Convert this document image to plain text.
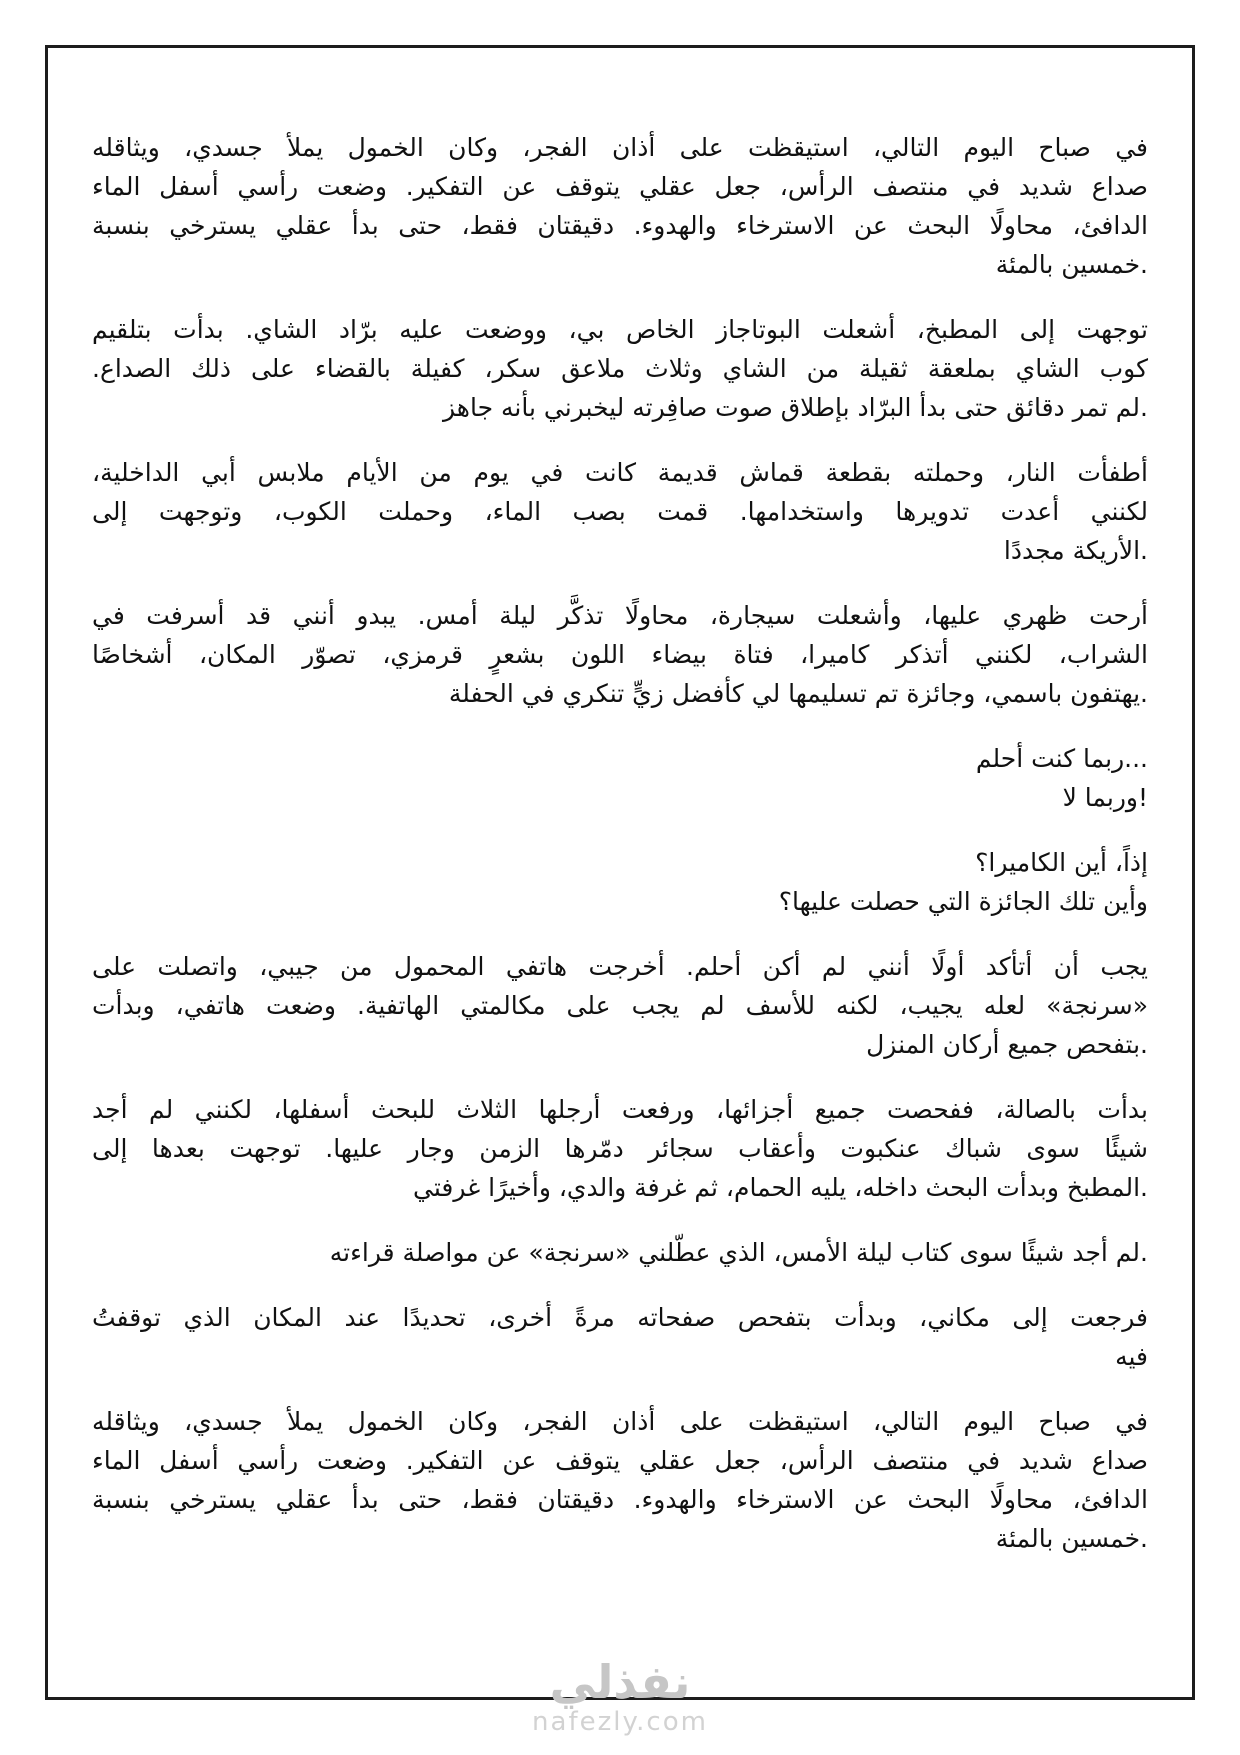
في صباح اليوم التالي، استيقظت على أذان الفجر، وكان الخمول يملأ جسدي، ويثاقله
صداع شديد في منتصف الرأس، جعل عقلي يتوقف عن التفكير. وضعت رأسي أسفل الماء
الدافئ، محاولًا البحث عن الاسترخاء والهدوء. دقيقتان فقط، حتى بدأ عقلي يسترخي بنسبة
.خمسين بالمئة
توجهت إلى المطبخ، أشعلت البوتاجاز الخاص بي، ووضعت عليه برّاد الشاي. بدأت بتلقيم
كوب الشاي بملعقة ثقيلة من الشاي وثلاث ملاعق سكر، كفيلة بالقضاء على ذلك الصداع.
.لم تمر دقائق حتى بدأ البرّاد بإطلاق صوت صافِرته ليخبرني بأنه جاهز
أطفأت النار، وحملته بقطعة قماش قديمة كانت في يوم من الأيام ملابس أبي الداخلية،
لكنني أعدت تدويرها واستخدامها. قمت بصب الماء، وحملت الكوب، وتوجهت إلى
.الأريكة مجددًا
أرحت ظهري عليها، وأشعلت سيجارة، محاولًا تذكَّر ليلة أمس. يبدو أنني قد أسرفت في
الشراب، لكنني أتذكر كاميرا، فتاة بيضاء اللون بشعرٍ قرمزي، تصوّر المكان، أشخاصًا
.يهتفون باسمي، وجائزة تم تسليمها لي كأفضل زيٍّ تنكري في الحفلة
...ربما كنت أحلم
!وربما لا
إذاً، أين الكاميرا؟
وأين تلك الجائزة التي حصلت عليها؟
يجب أن أتأكد أولًا أنني لم أكن أحلم. أخرجت هاتفي المحمول من جيبي، واتصلت على
«سرنجة» لعله يجيب، لكنه للأسف لم يجب على مكالمتي الهاتفية. وضعت هاتفي، وبدأت
.بتفحص جميع أركان المنزل
بدأت بالصالة، ففحصت جميع أجزائها، ورفعت أرجلها الثلاث للبحث أسفلها، لكنني لم أجد
شيئًا سوى شباك عنكبوت وأعقاب سجائر دمّرها الزمن وجار عليها. توجهت بعدها إلى
.المطبخ وبدأت البحث داخله، يليه الحمام، ثم غرفة والدي، وأخيرًا غرفتي
.لم أجد شيئًا سوى كتاب ليلة الأمس، الذي عطّلني «سرنجة» عن مواصلة قراءته
فرجعت إلى مكاني، وبدأت بتفحص صفحاته مرةً أخرى، تحديدًا عند المكان الذي توقفتُ
فيه
في صباح اليوم التالي، استيقظت على أذان الفجر، وكان الخمول يملأ جسدي، ويثاقله
صداع شديد في منتصف الرأس، جعل عقلي يتوقف عن التفكير. وضعت رأسي أسفل الماء
الدافئ، محاولًا البحث عن الاسترخاء والهدوء. دقيقتان فقط، حتى بدأ عقلي يسترخي بنسبة
.خمسين بالمئة
نفذلي
nafezly.com
